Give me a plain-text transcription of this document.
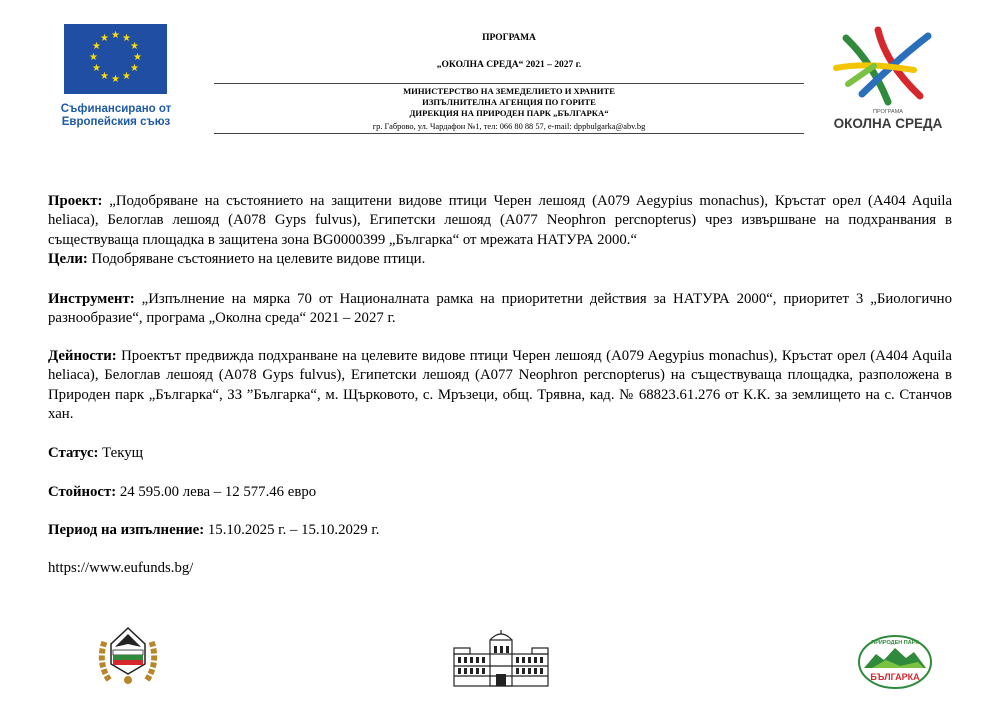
★ ★
★
★
★
★
★
★
★
★
★
★
Съфинансирано от
Европейския съюз
ПРОГРАМА
„ОКОЛНА СРЕДА“ 2021 – 2027 г.
МИНИСТЕРСТВО НА ЗЕМЕДЕЛИЕТО И ХРАНИТЕ
ИЗПЪЛНИТЕЛНА АГЕНЦИЯ ПО ГОРИТЕ
ДИРЕКЦИЯ НА ПРИРОДЕН ПАРК „БЪЛГАРКА“
гр. Габрово, ул. Чардафон №1, тел: 066 80 88 57, e-mail: dppbulgarka@abv.bg
ПРОГРАМА
ОКОЛНА СРЕДА
Проект: „Подобряване на състоянието на защитени видове птици Черен лешояд (A079 Aegypius monachus), Кръстат орел (A404 Aquila heliaca), Белоглав лешояд (A078 Gyps fulvus), Египетски лешояд (A077 Neophron percnopterus) чрез извършване на подхранвания в съществуваща площадка в защитена зона BG0000399 „Българка“ от мрежата НАТУРА 2000.“
Цели: Подобряване състоянието на целевите видове птици.
Инструмент: „Изпълнение на мярка 70 от Националната рамка на приоритетни действия за НАТУРА 2000“, приоритет 3 „Биологично разнообразие“, програма „Околна среда“ 2021 – 2027 г.
Дейности: Проектът предвижда подхранване на целевите видове птици Черен лешояд (A079 Aegypius monachus), Кръстат орел (A404 Aquila heliaca), Белоглав лешояд (A078 Gyps fulvus), Египетски лешояд (A077 Neophron percnopterus) на съществуваща площадка, разположена в Природен парк „Българка“, ЗЗ ”Българка“, м. Щърковото, с. Мръзеци, общ. Трявна, кад. № 68823.61.276 от К.К. за землището на с. Станчов хан.
Статус: Текущ
Стойност: 24 595.00 лева – 12 577.46 евро
Период на изпълнение: 15.10.2025 г. – 15.10.2029 г.
https://www.eufunds.bg/
ПРИРОДЕН ПАРК
БЪЛГАРКА
